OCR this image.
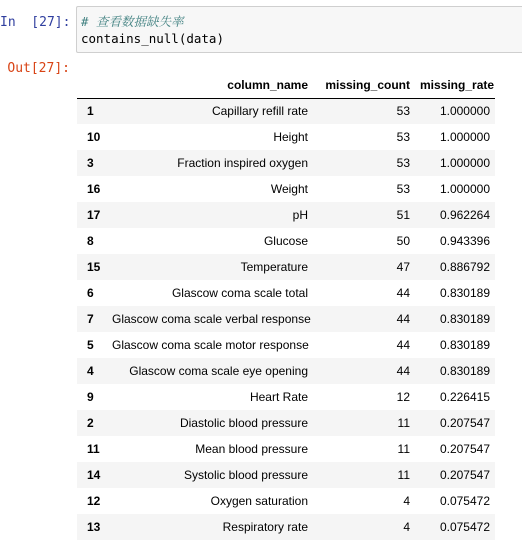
In  [27]: # 查看数据缺失率
contains_null(data)
Out[27]:
	column_name	missing_count	missing_rate
1	Capillary refill rate	53	1.000000
10	Height	53	1.000000
3	Fraction inspired oxygen	53	1.000000
16	Weight	53	1.000000
17	pH	51	0.962264
8	Glucose	50	0.943396
15	Temperature	47	0.886792
6	Glascow coma scale total	44	0.830189
7	Glascow coma scale verbal response	44	0.830189
5	Glascow coma scale motor response	44	0.830189
4	Glascow coma scale eye opening	44	0.830189
9	Heart Rate	12	0.226415
2	Diastolic blood pressure	11	0.207547
11	Mean blood pressure	11	0.207547
14	Systolic blood pressure	11	0.207547
12	Oxygen saturation	4	0.075472
13	Respiratory rate	4	0.075472
